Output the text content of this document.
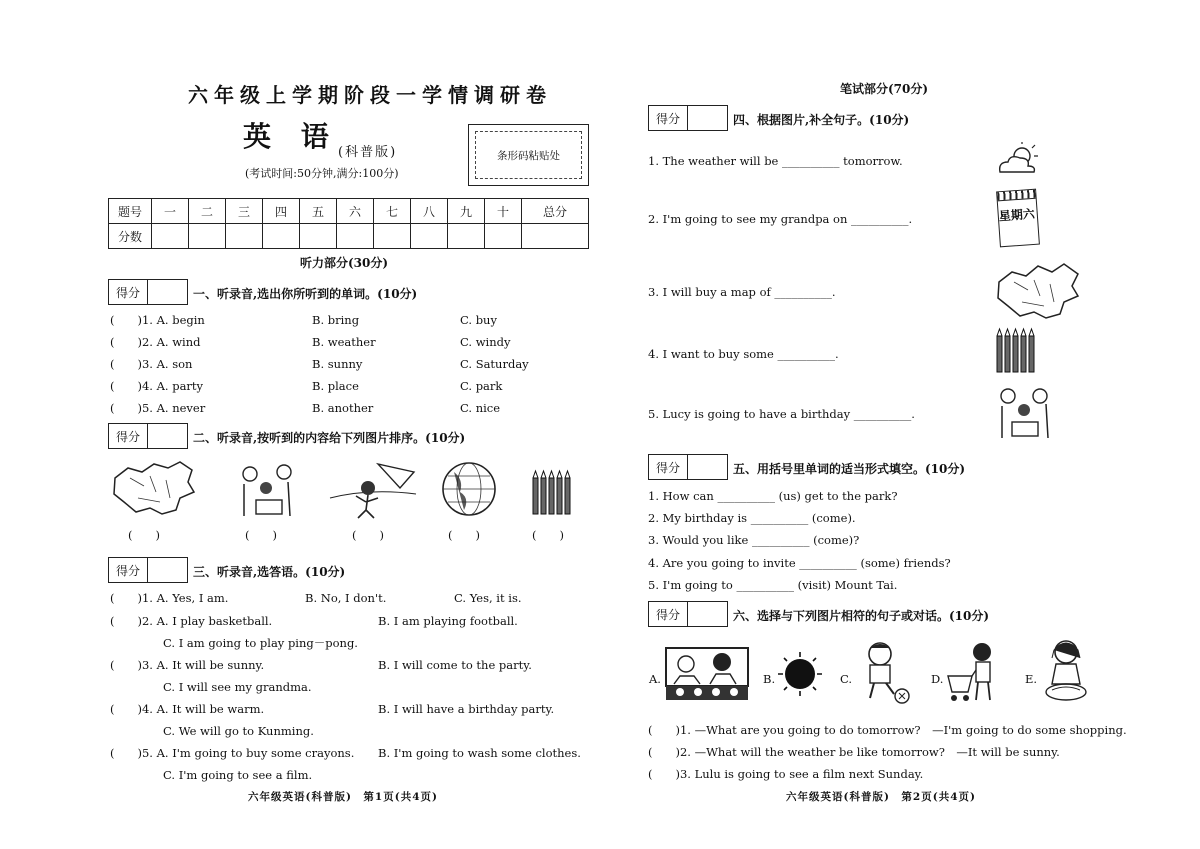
六年级上学期阶段一学情调研卷
英 语 (科普版)
(考试时间:50分钟,满分:100分)
条形码粘贴处
题号	一	二	三	四	五	六	七	八	九	十	总分
分数											
听力部分(30分)
得分	一、听录音,选出你所听到的单词。(10分)
(　　)1. A. begin	B. bring	C. buy
(　　)2. A. wind	B. weather	C. windy
(　　)3. A. son	B. sunny	C. Saturday
(　　)4. A. party	B. place	C. park
(　　)5. A. never	B. another	C. nice
得分	二、听录音,按听到的内容给下列图片排序。(10分)
(　　)	(　　)	(　　)	(　　)	(　　)
得分	三、听录音,选答语。(10分)
(　　)1. A. Yes, I am.	B. No, I don't.	C. Yes, it is.
(　　)2. A. I play basketball.	B. I am playing football.
C. I am going to play ping－pong.
(　　)3. A. It will be sunny.	B. I will come to the party.
C. I will see my grandma.
(　　)4. A. It will be warm.	B. I will have a birthday party.
C. We will go to Kunming.
(　　)5. A. I'm going to buy some crayons. B. I'm going to wash some clothes.
C. I'm going to see a film.
六年级英语(科普版)　第1页(共4页)
笔试部分(70分)
得分	四、根据图片,补全句子。(10分)
1. The weather will be __________ tomorrow.
2. I'm going to see my grandpa on __________.	星期六
3. I will buy a map of __________.
4. I want to buy some __________.
5. Lucy is going to have a birthday __________.
得分	五、用括号里单词的适当形式填空。(10分)
1. How can __________ (us) get to the park?
2. My birthday is __________ (come).
3. Would you like __________ (come)?
4. Are you going to invite __________ (some) friends?
5. I'm going to __________ (visit) Mount Tai.
得分	六、选择与下列图片相符的句子或对话。(10分)
A.	B.	C.	D.	E.
(　　)1. —What are you going to do tomorrow?　—I'm going to do some shopping.
(　　)2. —What will the weather be like tomorrow?　—It will be sunny.
(　　)3. Lulu is going to see a film next Sunday.
六年级英语(科普版)　第2页(共4页)
